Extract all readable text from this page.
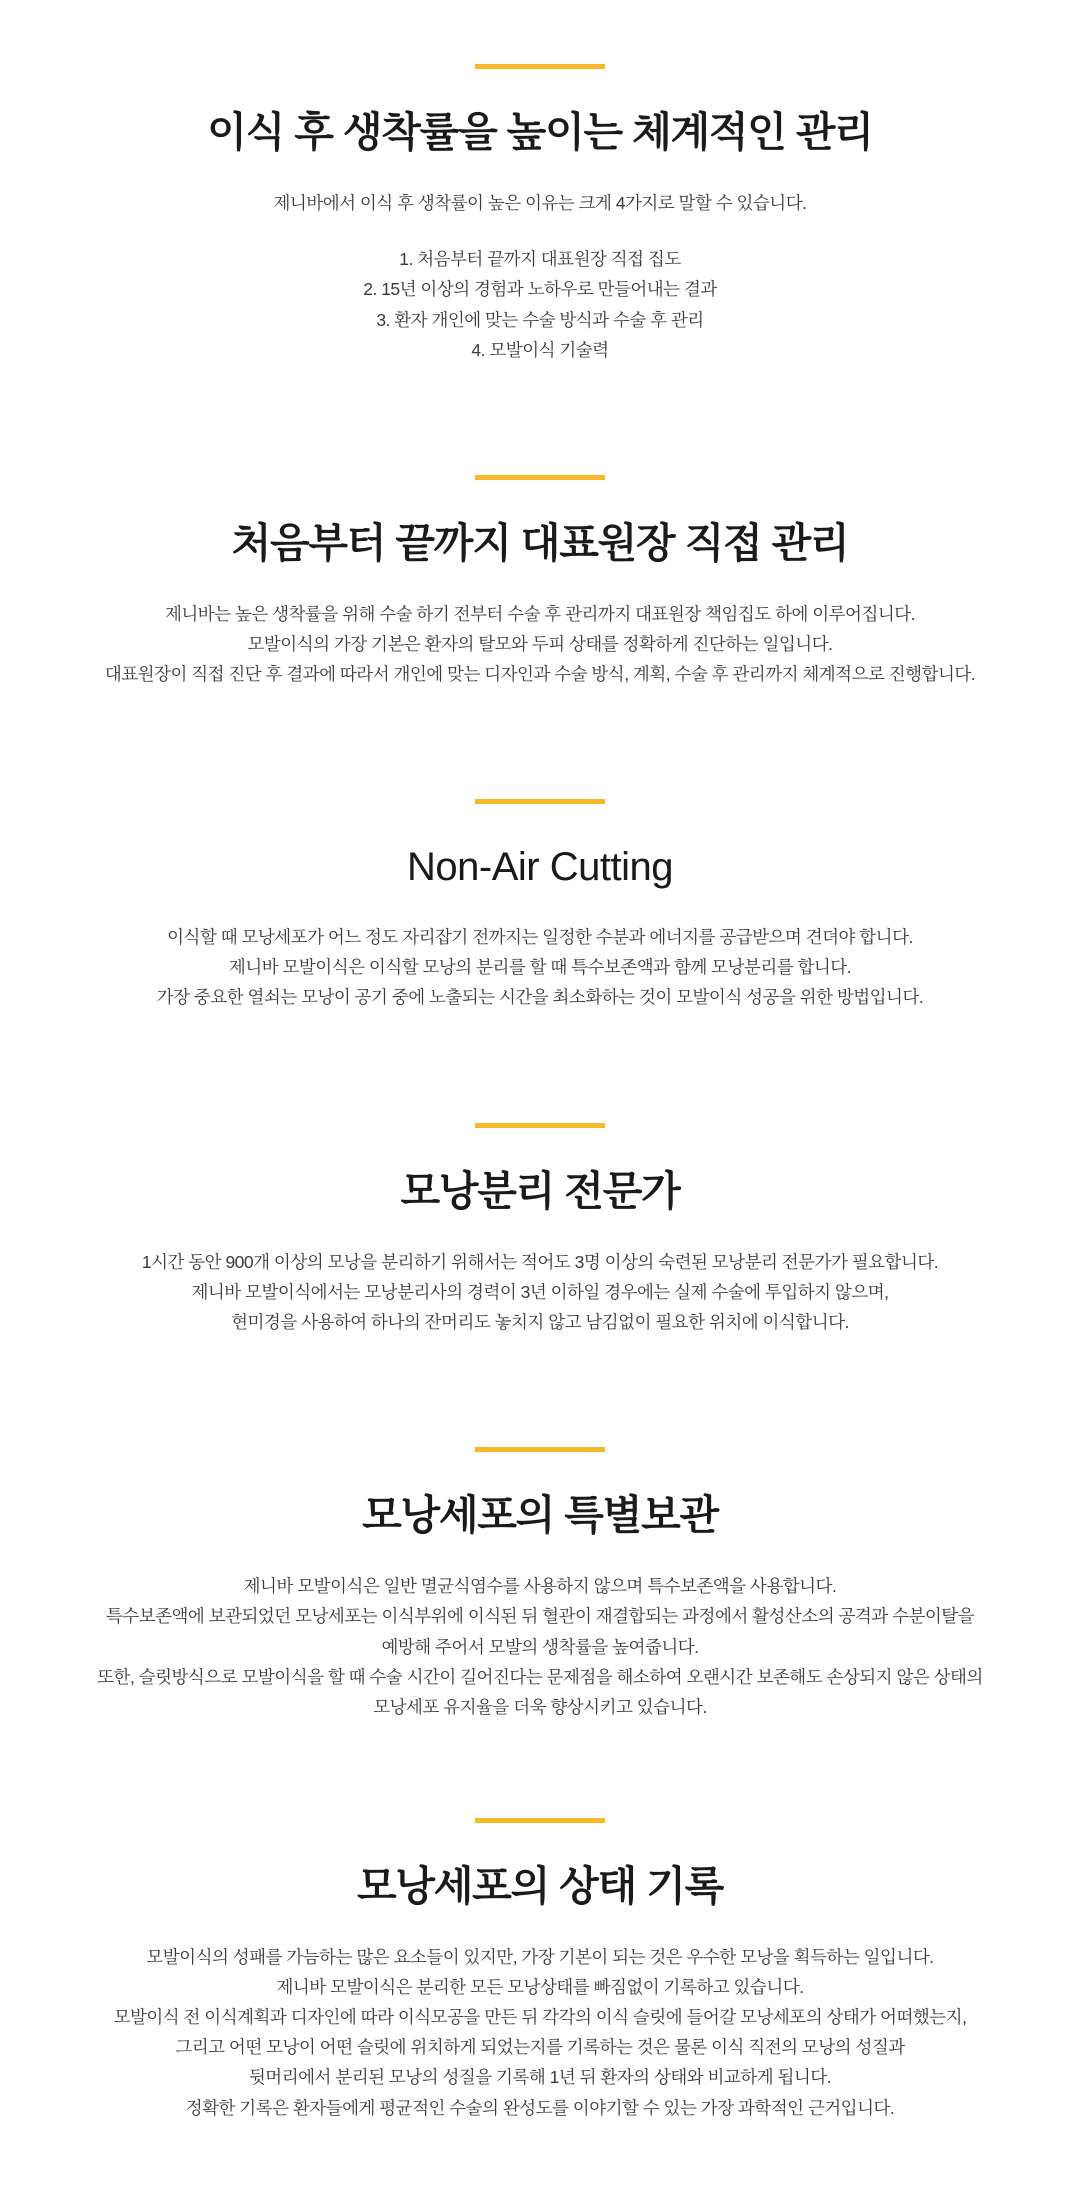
이식 후 생착률을 높이는 체계적인 관리

제니바에서 이식 후 생착률이 높은 이유는 크게 4가지로 말할 수 있습니다.

1. 처음부터 끝까지 대표원장 직접 집도
2. 15년 이상의 경험과 노하우로 만들어내는 결과
3. 환자 개인에 맞는 수술 방식과 수술 후 관리
4. 모발이식 기술력
처음부터 끝까지 대표원장 직접 관리

제니바는 높은 생착률을 위해 수술 하기 전부터 수술 후 관리까지 대표원장 책임집도 하에 이루어집니다.

모발이식의 가장 기본은 환자의 탈모와 두피 상태를 정확하게 진단하는 일입니다.

대표원장이 직접 진단 후 결과에 따라서 개인에 맞는 디자인과 수술 방식, 계획, 수술 후 관리까지 체계적으로 진행합니다.

Non-Air Cutting

이식할 때 모낭세포가 어느 정도 자리잡기 전까지는 일정한 수분과 에너지를 공급받으며 견뎌야 합니다.

제니바 모발이식은 이식할 모낭의 분리를 할 때 특수보존액과 함께 모낭분리를 합니다.

가장 중요한 열쇠는 모낭이 공기 중에 노출되는 시간을 최소화하는 것이 모발이식 성공을 위한 방법입니다.

모낭분리 전문가

1시간 동안 900개 이상의 모낭을 분리하기 위해서는 적어도 3명 이상의 숙련된 모낭분리 전문가가 필요합니다.

제니바 모발이식에서는 모낭분리사의 경력이 3년 이하일 경우에는 실제 수술에 투입하지 않으며,

현미경을 사용하여 하나의 잔머리도 놓치지 않고 남김없이 필요한 위치에 이식합니다.

모낭세포의 특별보관

제니바 모발이식은 일반 멸균식염수를 사용하지 않으며 특수보존액을 사용합니다.

특수보존액에 보관되었던 모낭세포는 이식부위에 이식된 뒤 혈관이 재결합되는 과정에서 활성산소의 공격과 수분이탈을

예방해 주어서 모발의 생착률을 높여줍니다.

또한, 슬릿방식으로 모발이식을 할 때 수술 시간이 길어진다는 문제점을 해소하여 오랜시간 보존해도 손상되지 않은 상태의

모낭세포 유지율을 더욱 향상시키고 있습니다.

모낭세포의 상태 기록

모발이식의 성패를 가늠하는 많은 요소들이 있지만, 가장 기본이 되는 것은 우수한 모낭을 획득하는 일입니다.

제니바 모발이식은 분리한 모든 모낭상태를 빠짐없이 기록하고 있습니다.

모발이식 전 이식계획과 디자인에 따라 이식모공을 만든 뒤 각각의 이식 슬릿에 들어갈 모낭세포의 상태가 어떠했는지,

그리고 어떤 모낭이 어떤 슬릿에 위치하게 되었는지를 기록하는 것은 물론 이식 직전의 모낭의 성질과

뒷머리에서 분리된 모낭의 성질을 기록해 1년 뒤 환자의 상태와 비교하게 됩니다.

정확한 기록은 환자들에게 평균적인 수술의 완성도를 이야기할 수 있는 가장 과학적인 근거입니다.
